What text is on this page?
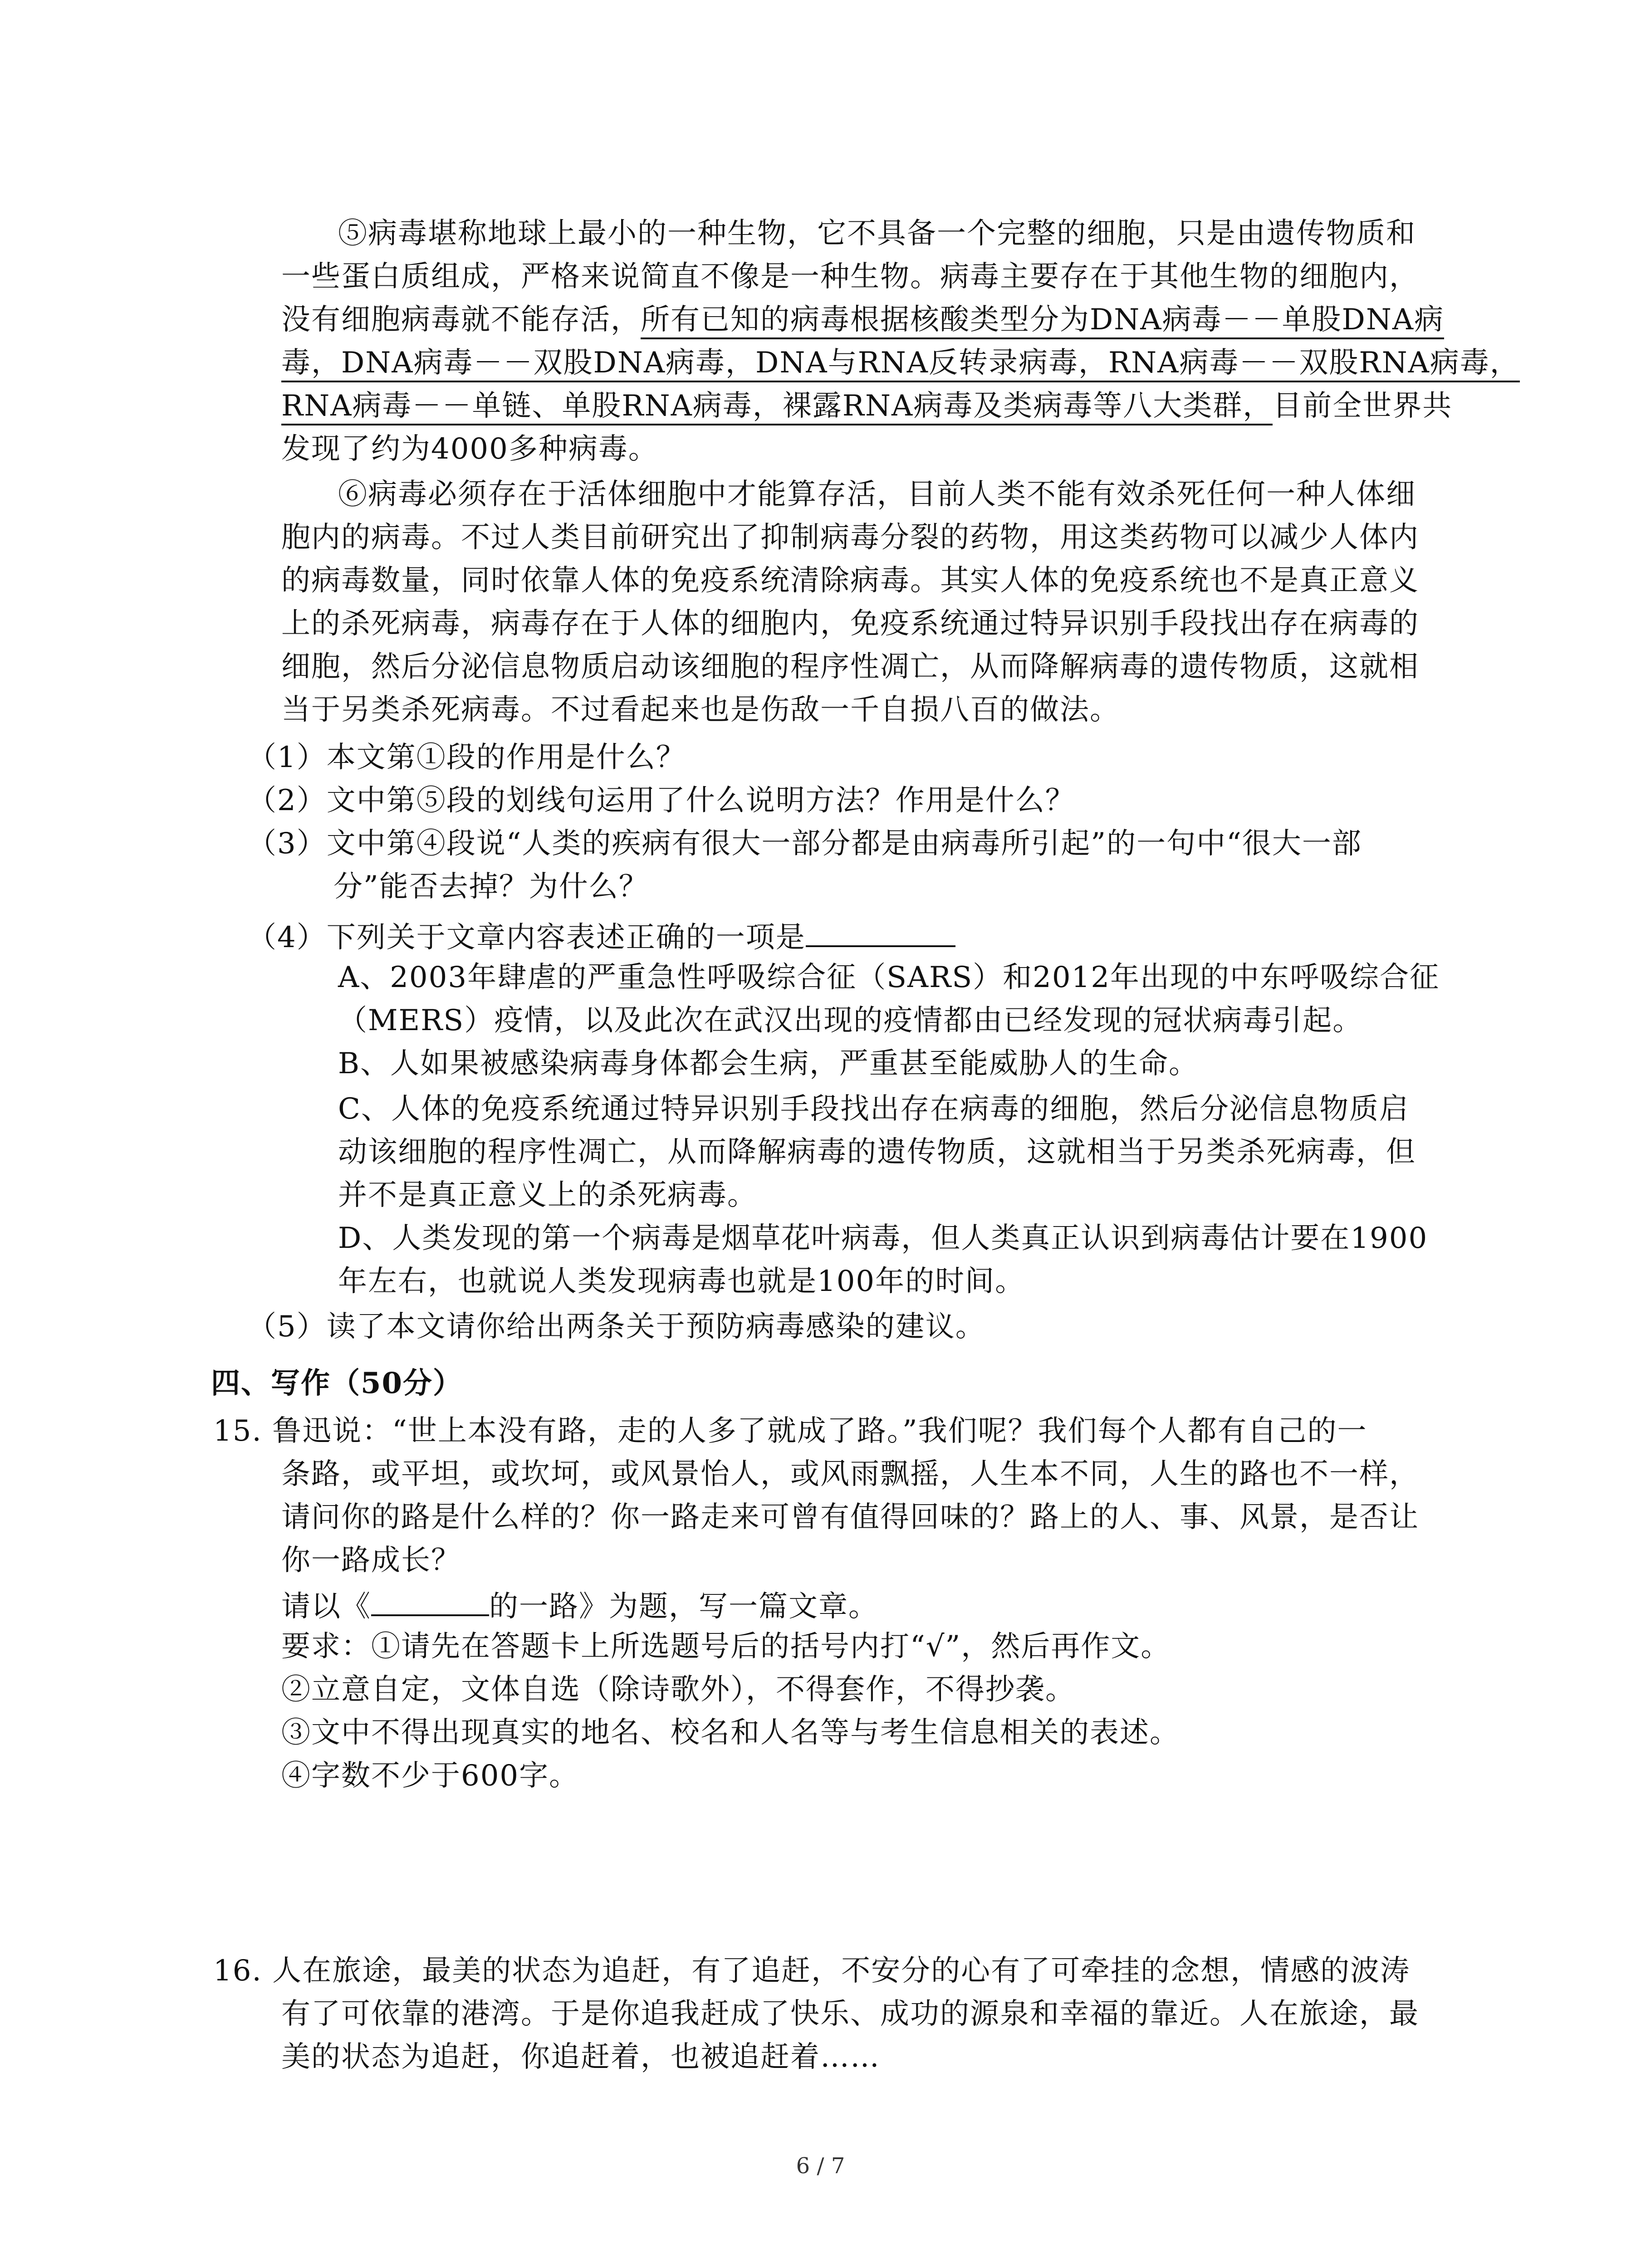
⑤病毒堪称地球上最小的一种生物，它不具备一个完整的细胞，只是由遗传物质和
一些蛋白质组成，严格来说简直不像是一种生物。病毒主要存在于其他生物的细胞内，
没有细胞病毒就不能存活，所有已知的病毒根据核酸类型分为DNA病毒－－单股DNA病
毒，DNA病毒－－双股DNA病毒，DNA与RNA反转录病毒，RNA病毒－－双股RNA病毒，
RNA病毒－－单链、单股RNA病毒，裸露RNA病毒及类病毒等八大类群，目前全世界共
发现了约为4000多种病毒。
⑥病毒必须存在于活体细胞中才能算存活，目前人类不能有效杀死任何一种人体细
胞内的病毒。不过人类目前研究出了抑制病毒分裂的药物，用这类药物可以减少人体内
的病毒数量，同时依靠人体的免疫系统清除病毒。其实人体的免疫系统也不是真正意义
上的杀死病毒，病毒存在于人体的细胞内，免疫系统通过特异识别手段找出存在病毒的
细胞，然后分泌信息物质启动该细胞的程序性凋亡，从而降解病毒的遗传物质，这就相
当于另类杀死病毒。不过看起来也是伤敌一千自损八百的做法。
（1）本文第①段的作用是什么？
（2）文中第⑤段的划线句运用了什么说明方法？作用是什么？
（3）文中第④段说“人类的疾病有很大一部分都是由病毒所引起”的一句中“很大一部
分”能否去掉？为什么？
（4）下列关于文章内容表述正确的一项是
A、2003年肆虐的严重急性呼吸综合征（SARS）和2012年出现的中东呼吸综合征
（MERS）疫情，以及此次在武汉出现的疫情都由已经发现的冠状病毒引起。
B、人如果被感染病毒身体都会生病，严重甚至能威胁人的生命。
C、人体的免疫系统通过特异识别手段找出存在病毒的细胞，然后分泌信息物质启
动该细胞的程序性凋亡，从而降解病毒的遗传物质，这就相当于另类杀死病毒，但
并不是真正意义上的杀死病毒。
D、人类发现的第一个病毒是烟草花叶病毒，但人类真正认识到病毒估计要在1900
年左右，也就说人类发现病毒也就是100年的时间。
（5）读了本文请你给出两条关于预防病毒感染的建议。
四、写作（50分）
15. 鲁迅说：“世上本没有路，走的人多了就成了路。”我们呢？我们每个人都有自己的一
条路，或平坦，或坎坷，或风景怡人，或风雨飘摇，人生本不同，人生的路也不一样，
请问你的路是什么样的？你一路走来可曾有值得回味的？路上的人、事、风景，是否让
你一路成长？
请以《	的一路》为题，写一篇文章。
要求：①请先在答题卡上所选题号后的括号内打“√”，然后再作文。
②立意自定，文体自选（除诗歌外），不得套作，不得抄袭。
③文中不得出现真实的地名、校名和人名等与考生信息相关的表述。
④字数不少于600字。
16. 人在旅途，最美的状态为追赶，有了追赶，不安分的心有了可牵挂的念想，情感的波涛
有了可依靠的港湾。于是你追我赶成了快乐、成功的源泉和幸福的靠近。人在旅途，最
美的状态为追赶，你追赶着，也被追赶着……
6 / 7
